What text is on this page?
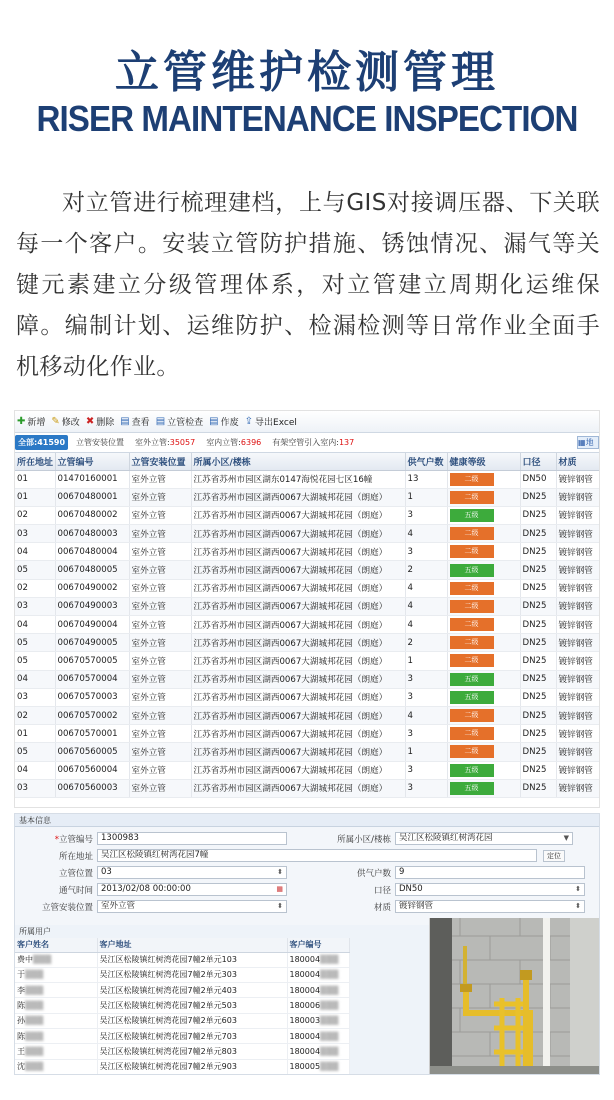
立管维护检测管理
RISER MAINTENANCE INSPECTION

对立管进行梳理建档，上与GIS对接调压器、下关联每一个客户。安装立管防护措施、锈蚀情况、漏气等关键元素建立分级管理体系，对立管建立周期化运维保障。编制计划、运维防护、检漏检测等日常作业全面手机移动化作业。

✚ 新增 ✎ 修改 ✖ 删除 ▤ 查看 ▤ 立管检查 ▤ 作废 ⇪ 导出Excel
全部:41590	立管安装位置	室外立管:35057	室内立管:6396	有架空管引入室内:137	▦地
所在地址	立管编号	立管安装位置	所属小区/楼栋	供气户数	健康等级	口径	材质
01	01470160001	室外立管	江苏省苏州市园区湖东0147海悦花园七区16幢	13	二级	DN50	镀锌钢管
01	00670480001	室外立管	江苏省苏州市园区湖西0067大湖城邦花园（朗庭）	1	二级	DN25	镀锌钢管
02	00670480002	室外立管	江苏省苏州市园区湖西0067大湖城邦花园（朗庭）	3	五级	DN25	镀锌钢管
03	00670480003	室外立管	江苏省苏州市园区湖西0067大湖城邦花园（朗庭）	4	二级	DN25	镀锌钢管
04	00670480004	室外立管	江苏省苏州市园区湖西0067大湖城邦花园（朗庭）	3	二级	DN25	镀锌钢管
05	00670480005	室外立管	江苏省苏州市园区湖西0067大湖城邦花园（朗庭）	2	五级	DN25	镀锌钢管
02	00670490002	室外立管	江苏省苏州市园区湖西0067大湖城邦花园（朗庭）	4	二级	DN25	镀锌钢管
03	00670490003	室外立管	江苏省苏州市园区湖西0067大湖城邦花园（朗庭）	4	二级	DN25	镀锌钢管
04	00670490004	室外立管	江苏省苏州市园区湖西0067大湖城邦花园（朗庭）	4	二级	DN25	镀锌钢管
05	00670490005	室外立管	江苏省苏州市园区湖西0067大湖城邦花园（朗庭）	2	二级	DN25	镀锌钢管
05	00670570005	室外立管	江苏省苏州市园区湖西0067大湖城邦花园（朗庭）	1	二级	DN25	镀锌钢管
04	00670570004	室外立管	江苏省苏州市园区湖西0067大湖城邦花园（朗庭）	3	五级	DN25	镀锌钢管
03	00670570003	室外立管	江苏省苏州市园区湖西0067大湖城邦花园（朗庭）	3	五级	DN25	镀锌钢管
02	00670570002	室外立管	江苏省苏州市园区湖西0067大湖城邦花园（朗庭）	4	二级	DN25	镀锌钢管
01	00670570001	室外立管	江苏省苏州市园区湖西0067大湖城邦花园（朗庭）	3	二级	DN25	镀锌钢管
05	00670560005	室外立管	江苏省苏州市园区湖西0067大湖城邦花园（朗庭）	1	二级	DN25	镀锌钢管
04	00670560004	室外立管	江苏省苏州市园区湖西0067大湖城邦花园（朗庭）	3	五级	DN25	镀锌钢管
03	00670560003	室外立管	江苏省苏州市园区湖西0067大湖城邦花园（朗庭）	3	五级	DN25	镀锌钢管
基本信息
*立管编号 1300983	所属小区/楼栋 吴江区松陵镇红树湾花园	▼
所在地址 吴江区松陵镇红树湾花园7幢	定位
立管位置 03	⬍	供气户数 9
通气时间 2013/02/08 00:00:00	▦	口径 DN50	⬍
立管安装位置 室外立管	⬍	材质 镀锌钢管	⬍
所属用户
客户姓名	客户地址	客户编号
费中▒▒▒	吴江区松陵镇红树湾花园7幢2单元103	180004▒▒▒
于▒▒▒	吴江区松陵镇红树湾花园7幢2单元303	180004▒▒▒
李▒▒▒	吴江区松陵镇红树湾花园7幢2单元403	180004▒▒▒
陈▒▒▒	吴江区松陵镇红树湾花园7幢2单元503	180006▒▒▒
孙▒▒▒	吴江区松陵镇红树湾花园7幢2单元603	180003▒▒▒
陈▒▒▒	吴江区松陵镇红树湾花园7幢2单元703	180004▒▒▒
王▒▒▒	吴江区松陵镇红树湾花园7幢2单元803	180004▒▒▒
沈▒▒▒	吴江区松陵镇红树湾花园7幢2单元903	180005▒▒▒
